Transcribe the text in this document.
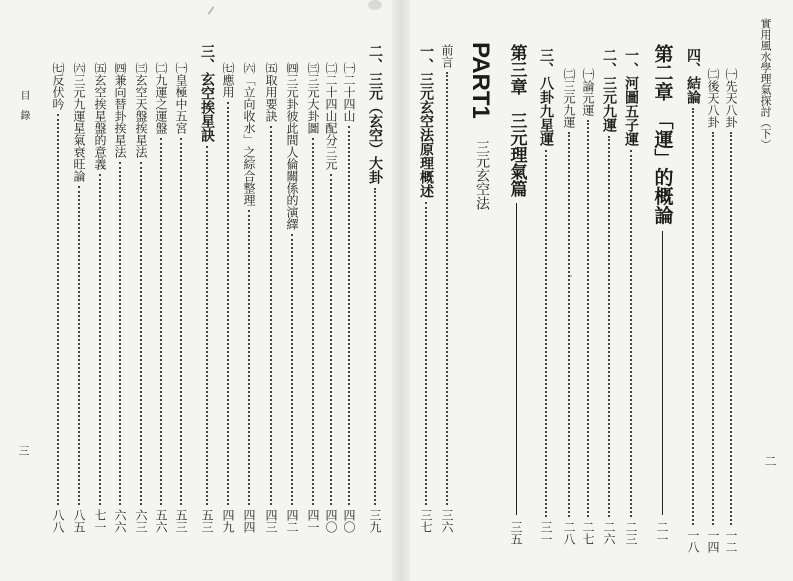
實用風水學理氣探討（下）
二
目　錄
三
PART1
三元玄空法
㈠先天八卦
一二
㈡後天八卦
一四
四、結論
一八
第二章　「運」的概論
二一
一、河圖五子運
二三
二、三元九運
二六
㈠論元運
二七
㈡三元九運
二八
三、八卦九星運
三一
第三章　三元理氣篇
三五
前言
三六
一、三元玄空法原理概述
三七
二、三元（玄空）大卦
三九
㈠二十四山
四〇
㈡二十四山配分三元
四〇
㈢三元大卦圖
四一
㈣三元卦彼此間人倫關係的演繹
四二
㈤取用要訣
四三
㈥「立向收水」之綜合整理
四四
㈦應用
四九
三、玄空挨星訣
五三
㈠皇極中五宮
五三
㈡九運之運盤
五六
㈢玄空天盤挨星法
六三
㈣兼向替卦挨星法
六六
㈤玄空挨星盤的意義
七一
㈥三元九運星氣衰旺論
八五
㈦反伏吟
八八
